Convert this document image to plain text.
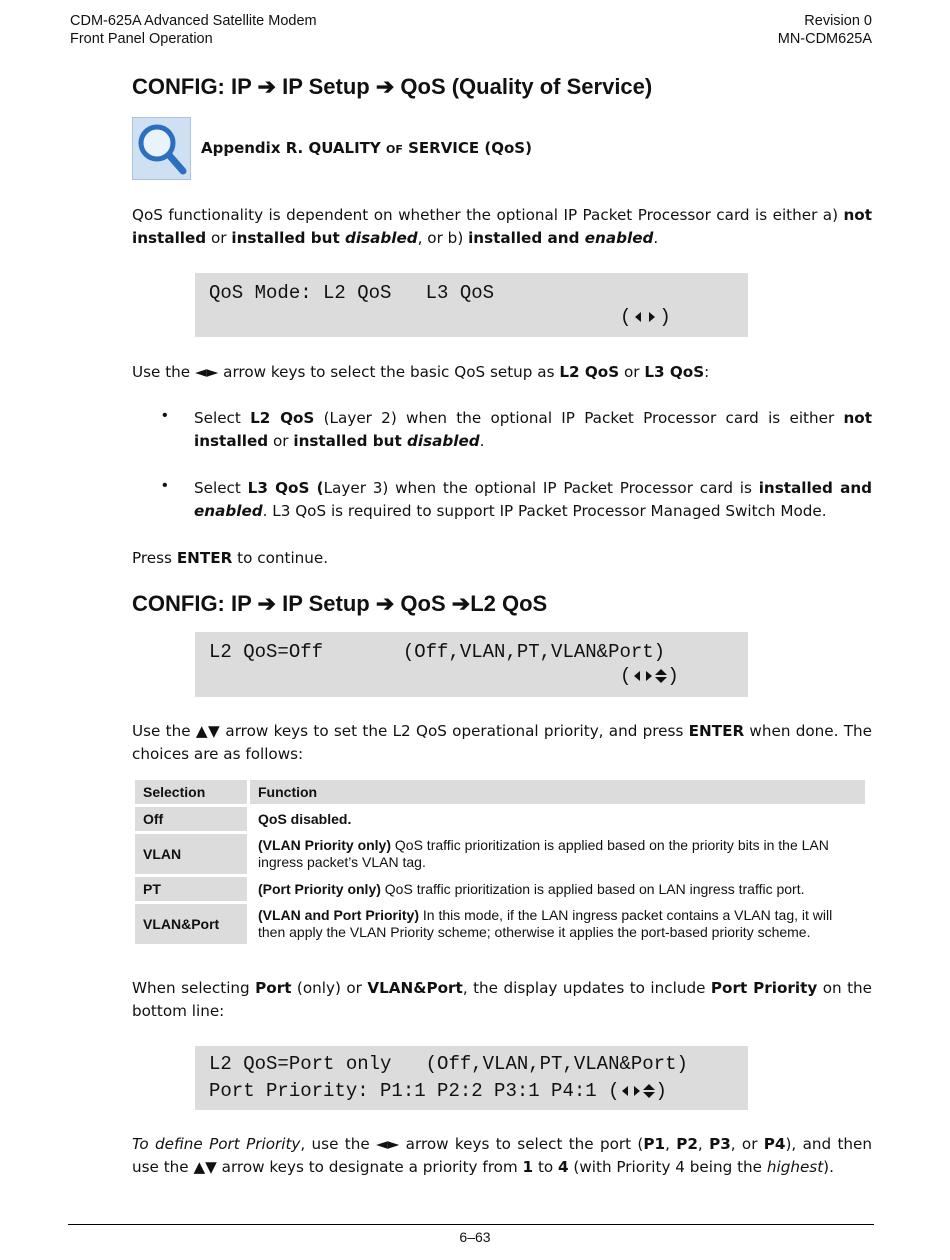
CDM-625A Advanced Satellite Modem
Front Panel Operation
Revision 0
MN-CDM625A
CONFIG: IP ➔ IP Setup ➔ QoS (Quality of Service)
Appendix R. QUALITY OF SERVICE (QoS)
QoS functionality is dependent on whether the optional IP Packet Processor card is either a) not installed or installed but disabled, or b) installed and enabled.
QoS Mode: L2 QoS   L3 QoS
( )
Use the ◄► arrow keys to select the basic QoS setup as L2 QoS or L3 QoS:
• Select L2 QoS (Layer 2) when the optional IP Packet Processor card is either not installed or installed but disabled.
• Select L3 QoS (Layer 3) when the optional IP Packet Processor card is installed and enabled. L3 QoS is required to support IP Packet Processor Managed Switch Mode.
Press ENTER to continue.
CONFIG: IP ➔ IP Setup ➔ QoS ➔L2 QoS
L2 QoS=Off       (Off,VLAN,PT,VLAN&Port)
( )
Use the ▲▼ arrow keys to set the L2 QoS operational priority, and press ENTER when done. The choices are as follows:
Selection	Function
Off	QoS disabled.
VLAN	(VLAN Priority only) QoS traffic prioritization is applied based on the priority bits in the LAN ingress packet’s VLAN tag.
PT	(Port Priority only) QoS traffic prioritization is applied based on LAN ingress traffic port.
VLAN&Port	(VLAN and Port Priority) In this mode, if the LAN ingress packet contains a VLAN tag, it will then apply the VLAN Priority scheme; otherwise it applies the port-based priority scheme.
When selecting Port (only) or VLAN&Port, the display updates to include Port Priority on the bottom line:
L2 QoS=Port only   (Off,VLAN,PT,VLAN&Port)
Port Priority: P1:1 P2:2 P3:1 P4:1 ( )
To define Port Priority, use the ◄► arrow keys to select the port (P1, P2, P3, or P4), and then use the ▲▼ arrow keys to designate a priority from 1 to 4 (with Priority 4 being the highest).
6–63
